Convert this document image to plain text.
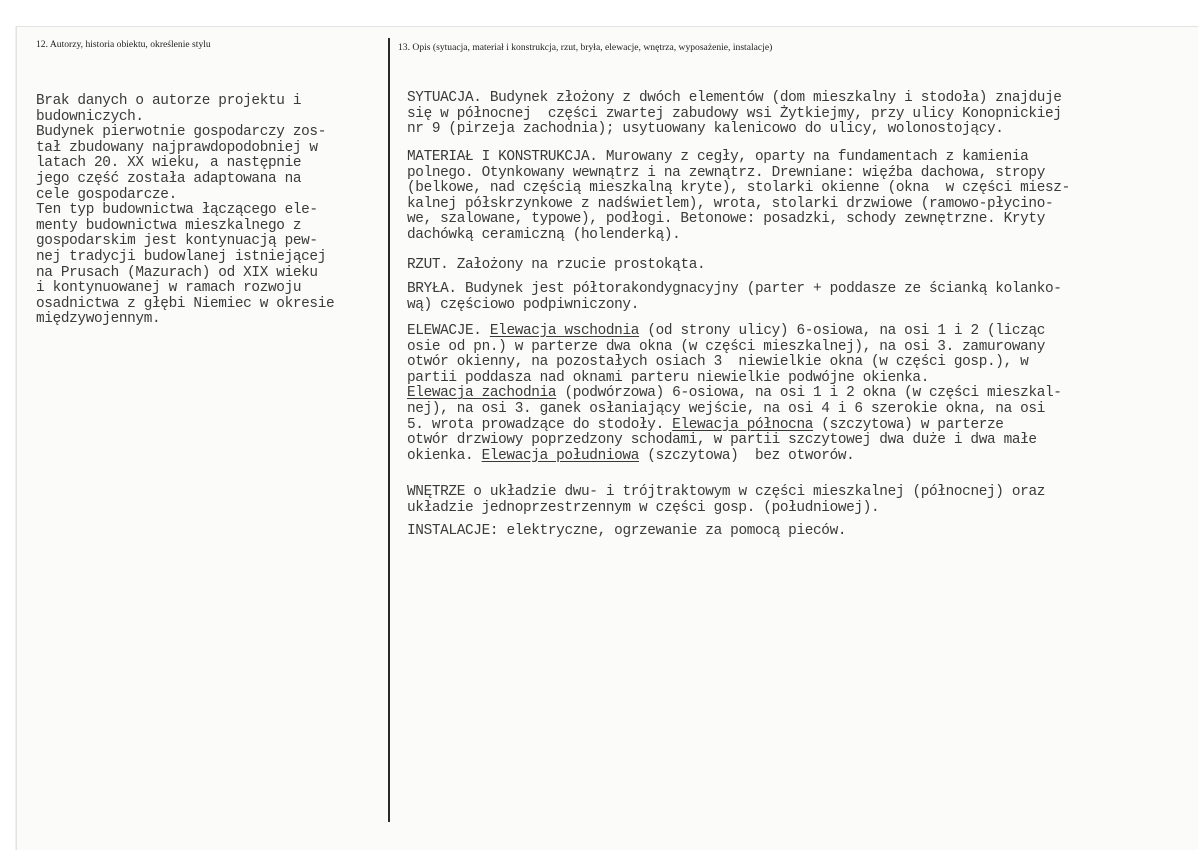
12. Autorzy, historia obiektu, określenie stylu	13. Opis (sytuacja, materiał i konstrukcja, rzut, bryła, elewacje, wnętrza, wyposażenie, instalacje)
Brak danych o autorze projektu i
budowniczych.
Budynek pierwotnie gospodarczy zos-
tał zbudowany najprawdopodobniej w
latach 20. XX wieku, a następnie
jego część została adaptowana na
cele gospodarcze.
Ten typ budownictwa łączącego ele-
menty budownictwa mieszkalnego z
gospodarskim jest kontynuacją pew-
nej tradycji budowlanej istniejącej
na Prusach (Mazurach) od XIX wieku
i kontynuowanej w ramach rozwoju
osadnictwa z głębi Niemiec w okresie
międzywojennym.
SYTUACJA. Budynek złożony z dwóch elementów (dom mieszkalny i stodoła) znajduje
się w północnej  części zwartej zabudowy wsi Żytkiejmy, przy ulicy Konopnickiej
nr 9 (pirzeja zachodnia); usytuowany kalenicowo do ulicy, wolonostojący.
MATERIAŁ I KONSTRUKCJA. Murowany z cegły, oparty na fundamentach z kamienia
polnego. Otynkowany wewnątrz i na zewnątrz. Drewniane: więźba dachowa, stropy
(belkowe, nad częścią mieszkalną kryte), stolarki okienne (okna  w części miesz-
kalnej półskrzynkowe z nadświetlem), wrota, stolarki drzwiowe (ramowo-płycino-
we, szalowane, typowe), podłogi. Betonowe: posadzki, schody zewnętrzne. Kryty
dachówką ceramiczną (holenderką).
RZUT. Założony na rzucie prostokąta.
BRYŁA. Budynek jest półtorakondygnacyjny (parter + poddasze ze ścianką kolanko-
wą) częściowo podpiwniczony.
ELEWACJE. Elewacja wschodnia (od strony ulicy) 6-osiowa, na osi 1 i 2 (licząc
osie od pn.) w parterze dwa okna (w części mieszkalnej), na osi 3. zamurowany
otwór okienny, na pozostałych osiach 3  niewielkie okna (w części gosp.), w
partii poddasza nad oknami parteru niewielkie podwójne okienka.
Elewacja zachodnia (podwórzowa) 6-osiowa, na osi 1 i 2 okna (w części mieszkal-
nej), na osi 3. ganek osłaniający wejście, na osi 4 i 6 szerokie okna, na osi
5. wrota prowadzące do stodoły. Elewacja północna (szczytowa) w parterze
otwór drzwiowy poprzedzony schodami, w partii szczytowej dwa duże i dwa małe
okienka. Elewacja południowa (szczytowa)  bez otworów.
WNĘTRZE o układzie dwu- i trójtraktowym w części mieszkalnej (północnej) oraz
układzie jednoprzestrzennym w części gosp. (południowej).
INSTALACJE: elektryczne, ogrzewanie za pomocą pieców.
